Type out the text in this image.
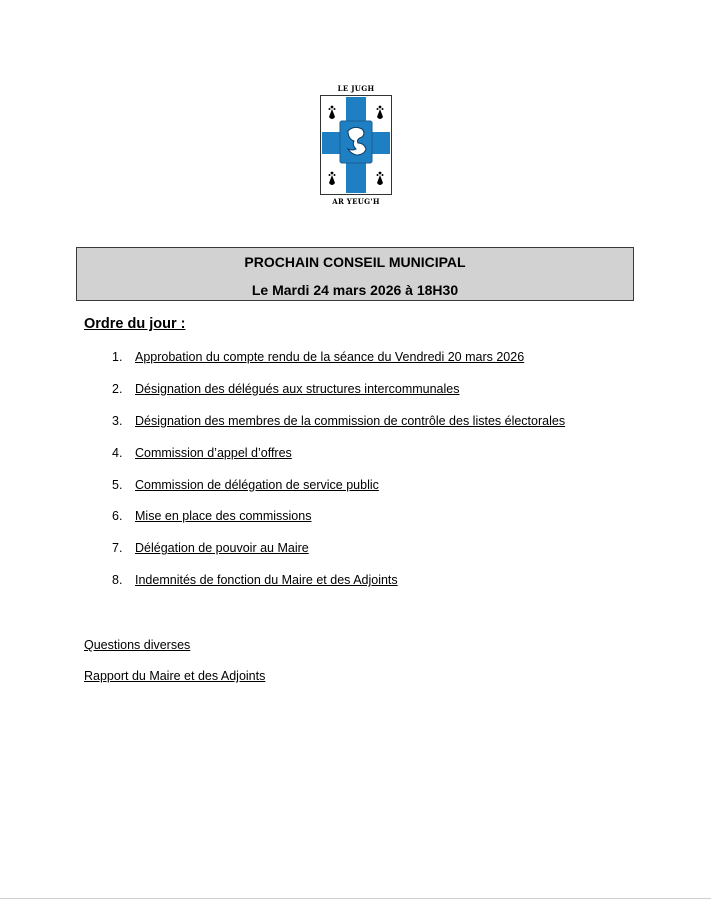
LE JUGH
AR YEUG'H
PROCHAIN CONSEIL MUNICIPAL
Le Mardi 24 mars 2026 à 18H30
Ordre du jour :
1. Approbation du compte rendu de la séance du Vendredi 20 mars 2026
2. Désignation des délégués aux structures intercommunales
3. Désignation des membres de la commission de contrôle des listes électorales
4. Commission d’appel d’offres
5. Commission de délégation de service public
6. Mise en place des commissions
7. Délégation de pouvoir au Maire
8. Indemnités de fonction du Maire et des Adjoints
Questions diverses
Rapport du Maire et des Adjoints
